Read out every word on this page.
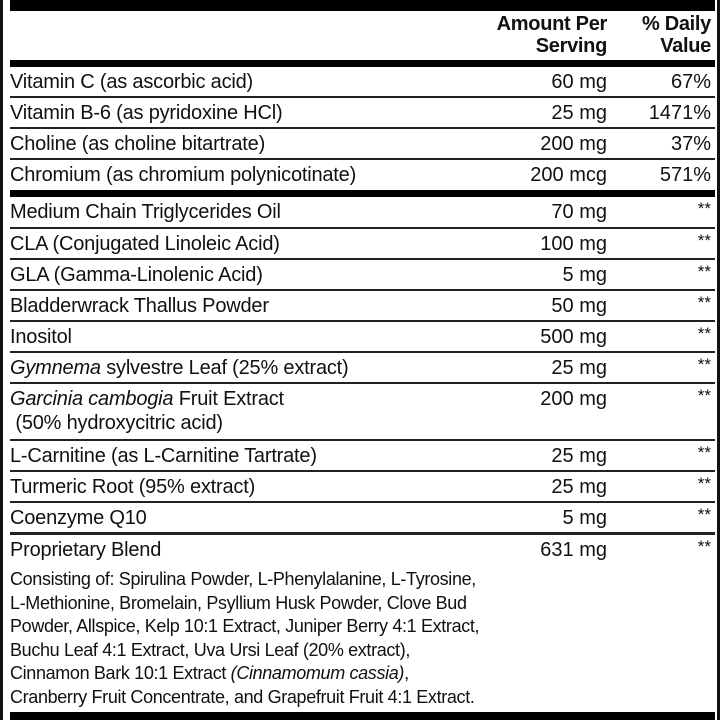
Amount Per
Serving
% Daily
Value
Vitamin C (as ascorbic acid)	60 mg	67%
Vitamin B-6 (as pyridoxine HCl)	25 mg 1471%
Choline (as choline bitartrate)	200 mg	37%
Chromium (as chromium polynicotinate)	200 mcg	571%
Medium Chain Triglycerides Oil	70 mg	**
CLA (Conjugated Linoleic Acid)	100 mg	**
GLA (Gamma-Linolenic Acid)	5 mg	**
Bladderwrack Thallus Powder	50 mg	**
Inositol	500 mg	**
Gymnema sylvestre Leaf (25% extract)	25 mg	**
Garcinia cambogia Fruit Extract
(50% hydroxycitric acid)
200 mg	**
L-Carnitine (as L-Carnitine Tartrate)	25 mg	**
Turmeric Root (95% extract)	25 mg	**
Coenzyme Q10	5 mg	**
Proprietary Blend	631 mg	**
Consisting of: Spirulina Powder, L-Phenylalanine, L-Tyrosine,
L-Methionine, Bromelain, Psyllium Husk Powder, Clove Bud
Powder, Allspice, Kelp 10:1 Extract, Juniper Berry 4:1 Extract,
Buchu Leaf 4:1 Extract, Uva Ursi Leaf (20% extract),
Cinnamon Bark 10:1 Extract (Cinnamomum cassia),
Cranberry Fruit Concentrate, and Grapefruit Fruit 4:1 Extract.
